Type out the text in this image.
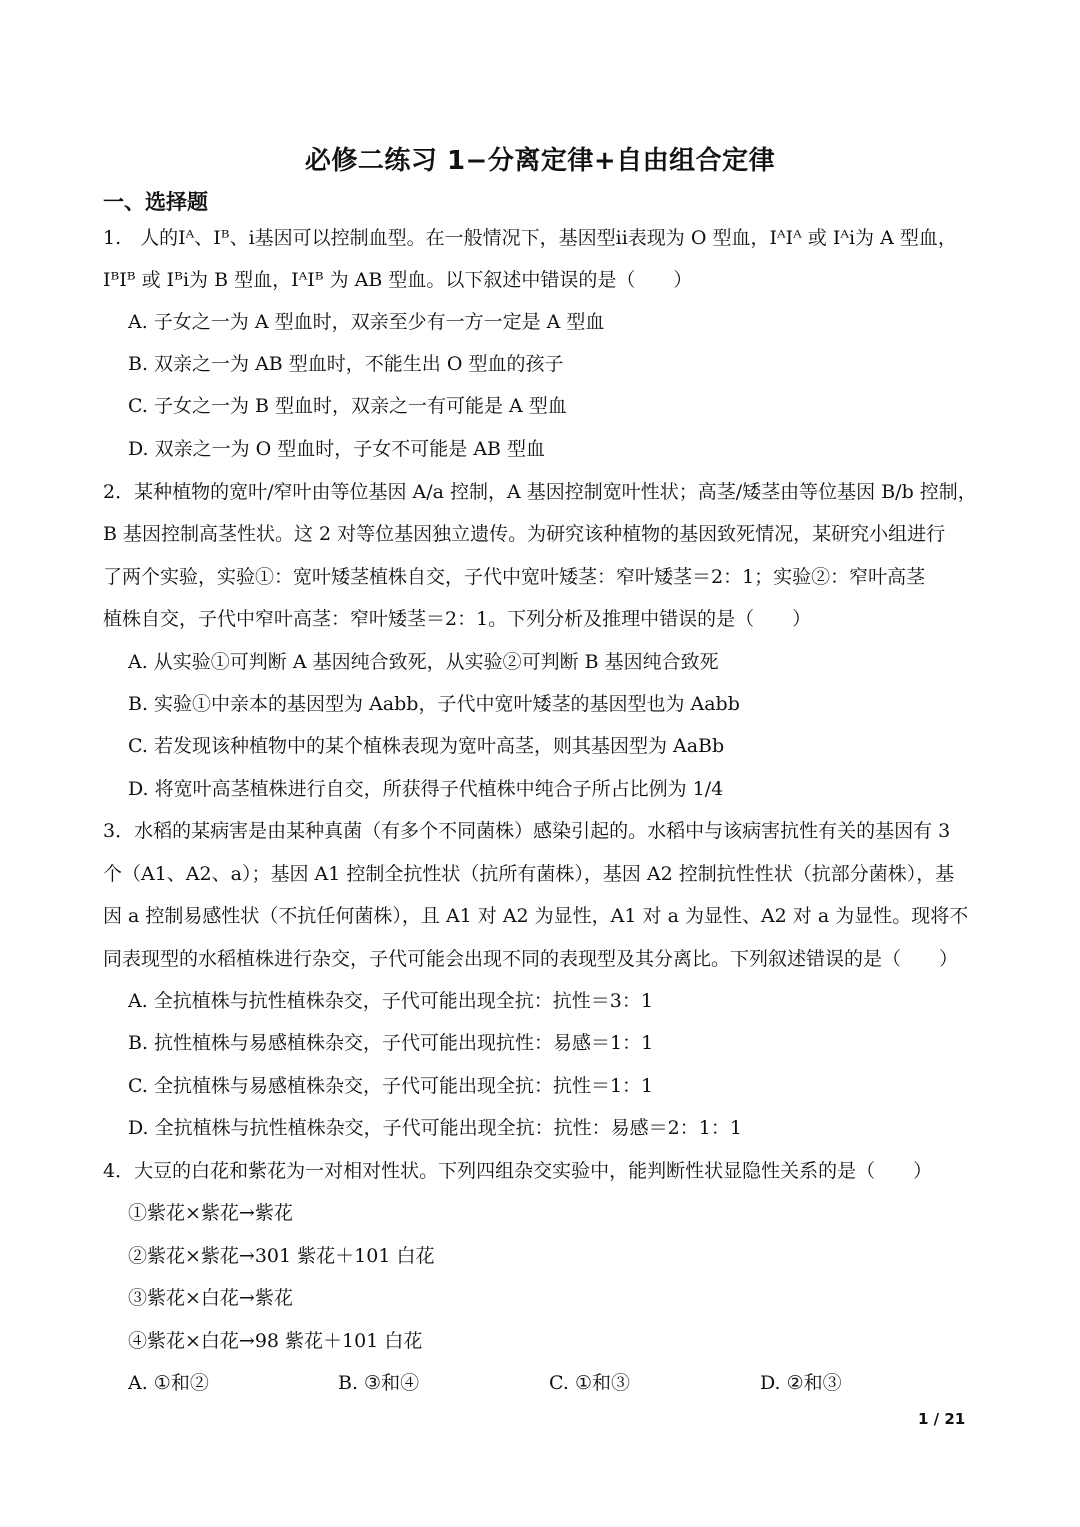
必修二练习 1−分离定律+自由组合定律
一、选择题
1.　人的Iᴬ、Iᴮ、i基因可以控制血型。在一般情况下，基因型ii表现为 O 型血，IᴬIᴬ 或 Iᴬi为 A 型血，
IᴮIᴮ 或 Iᴮi为 B 型血，IᴬIᴮ 为 AB 型血。以下叙述中错误的是（　　）
A. 子女之一为 A 型血时，双亲至少有一方一定是 A 型血
B. 双亲之一为 AB 型血时，不能生出 O 型血的孩子
C. 子女之一为 B 型血时，双亲之一有可能是 A 型血
D. 双亲之一为 O 型血时，子女不可能是 AB 型血
2．某种植物的宽叶/窄叶由等位基因 A/a 控制，A 基因控制宽叶性状；高茎/矮茎由等位基因 B/b 控制，
B 基因控制高茎性状。这 2 对等位基因独立遗传。为研究该种植物的基因致死情况，某研究小组进行
了两个实验，实验①：宽叶矮茎植株自交，子代中宽叶矮茎：窄叶矮茎＝2：1；实验②：窄叶高茎
植株自交，子代中窄叶高茎：窄叶矮茎＝2：1。下列分析及推理中错误的是（　　）
A. 从实验①可判断 A 基因纯合致死，从实验②可判断 B 基因纯合致死
B. 实验①中亲本的基因型为 Aabb，子代中宽叶矮茎的基因型也为 Aabb
C. 若发现该种植物中的某个植株表现为宽叶高茎，则其基因型为 AaBb
D. 将宽叶高茎植株进行自交，所获得子代植株中纯合子所占比例为 1/4
3．水稻的某病害是由某种真菌（有多个不同菌株）感染引起的。水稻中与该病害抗性有关的基因有 3
个（A1、A2、a）；基因 A1 控制全抗性状（抗所有菌株），基因 A2 控制抗性性状（抗部分菌株），基
因 a 控制易感性状（不抗任何菌株），且 A1 对 A2 为显性，A1 对 a 为显性、A2 对 a 为显性。现将不
同表现型的水稻植株进行杂交，子代可能会出现不同的表现型及其分离比。下列叙述错误的是（　　）
A. 全抗植株与抗性植株杂交，子代可能出现全抗：抗性＝3：1
B. 抗性植株与易感植株杂交，子代可能出现抗性：易感＝1：1
C. 全抗植株与易感植株杂交，子代可能出现全抗：抗性＝1：1
D. 全抗植株与抗性植株杂交，子代可能出现全抗：抗性：易感＝2：1：1
4．大豆的白花和紫花为一对相对性状。下列四组杂交实验中，能判断性状显隐性关系的是（　　）
①紫花×紫花→紫花
②紫花×紫花→301 紫花＋101 白花
③紫花×白花→紫花
④紫花×白花→98 紫花＋101 白花
A. ①和②	B. ③和④	C. ①和③	D. ②和③
1 / 21
